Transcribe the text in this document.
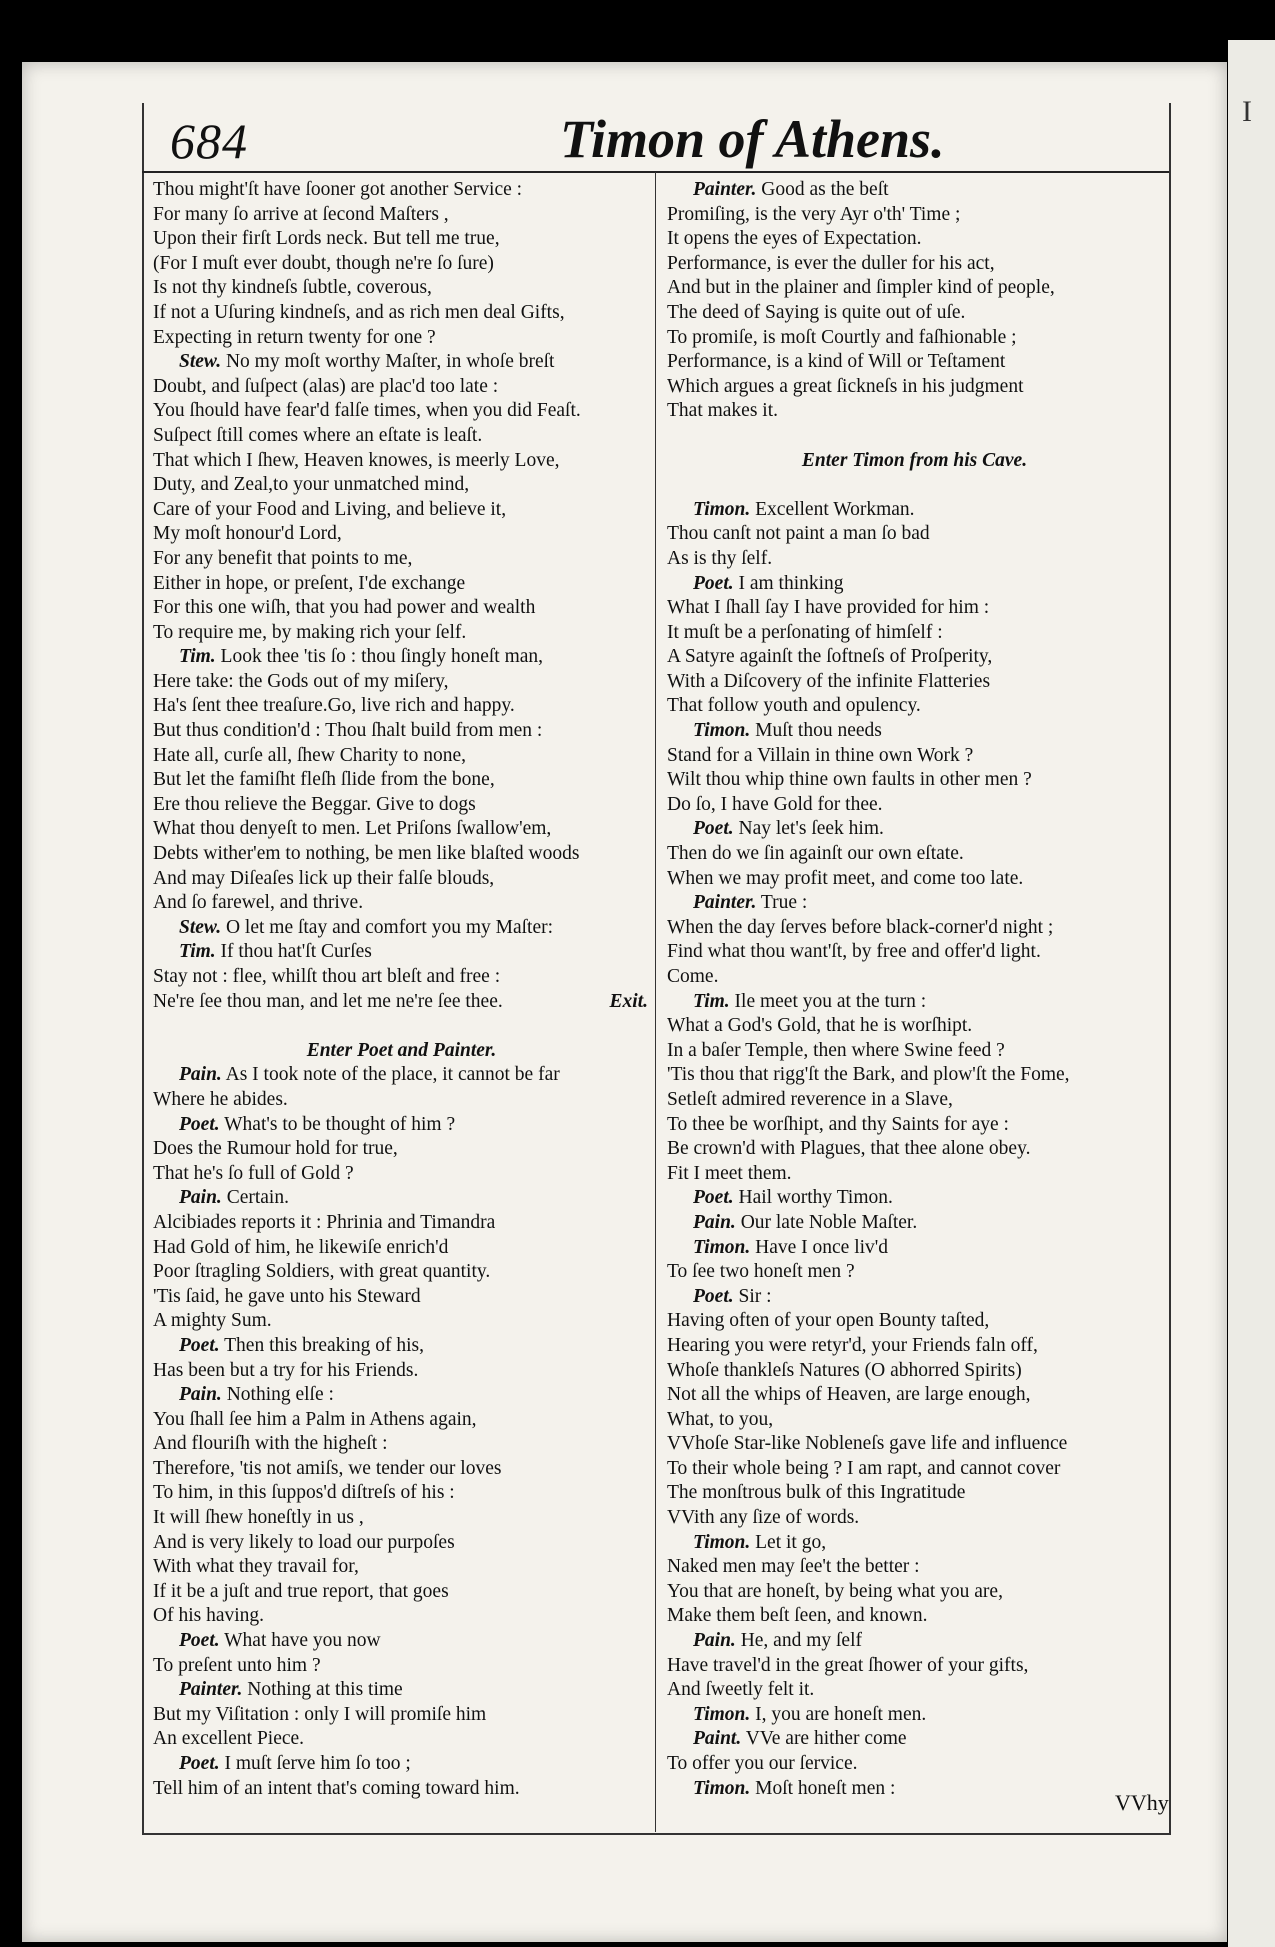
I
684	Timon of Athens.
Thou might'ſt have ſooner got another Service :
For many ſo arrive at ſecond Maſters ,
Upon their firſt Lords neck. But tell me true,
(For I muſt ever doubt, though ne're ſo ſure)
Is not thy kindneſs ſubtle, coverous,
If not a Uſuring kindneſs, and as rich men deal Gifts,
Expecting in return twenty for one ?
Stew. No my moſt worthy Maſter, in whoſe breſt
Doubt, and ſuſpect (alas) are plac'd too late :
You ſhould have fear'd falſe times, when you did Feaſt.
Suſpect ſtill comes where an eſtate is leaſt.
That which I ſhew, Heaven knowes, is meerly Love,
Duty, and Zeal,to your unmatched mind,
Care of your Food and Living, and believe it,
My moſt honour'd Lord,
For any benefit that points to me,
Either in hope, or preſent, I'de exchange
For this one wiſh, that you had power and wealth
To require me, by making rich your ſelf.
Tim. Look thee 'tis ſo : thou ſingly honeſt man,
Here take: the Gods out of my miſery,
Ha's ſent thee treaſure.Go, live rich and happy.
But thus condition'd : Thou ſhalt build from men :
Hate all, curſe all, ſhew Charity to none,
But let the famiſht fleſh ſlide from the bone,
Ere thou relieve the Beggar. Give to dogs
What thou denyeſt to men. Let Priſons ſwallow'em,
Debts wither'em to nothing, be men like blaſted woods
And may Diſeaſes lick up their falſe blouds,
And ſo farewel, and thrive.
Stew. O let me ſtay and comfort you my Maſter:
Tim. If thou hat'ſt Curſes
Stay not : flee, whilſt thou art bleſt and free :
Ne're ſee thou man, and let me ne're ſee thee.	Exit.
Enter Poet and Painter.
Pain. As I took note of the place, it cannot be far
Where he abides.
Poet. What's to be thought of him ?
Does the Rumour hold for true,
That he's ſo full of Gold ?
Pain. Certain.
Alcibiades reports it : Phrinia and Timandra
Had Gold of him, he likewiſe enrich'd
Poor ſtragling Soldiers, with great quantity.
'Tis ſaid, he gave unto his Steward
A mighty Sum.
Poet. Then this breaking of his,
Has been but a try for his Friends.
Pain. Nothing elſe :
You ſhall ſee him a Palm in Athens again,
And flouriſh with the higheſt :
Therefore, 'tis not amiſs, we tender our loves
To him, in this ſuppos'd diſtreſs of his :
It will ſhew honeſtly in us ,
And is very likely to load our purpoſes
With what they travail for,
If it be a juſt and true report, that goes
Of his having.
Poet. What have you now
To preſent unto him ?
Painter. Nothing at this time
But my Viſitation : only I will promiſe him
An excellent Piece.
Poet. I muſt ſerve him ſo too ;
Tell him of an intent that's coming toward him.
Painter. Good as the beſt
Promiſing, is the very Ayr o'th' Time ;
It opens the eyes of Expectation.
Performance, is ever the duller for his act,
And but in the plainer and ſimpler kind of people,
The deed of Saying is quite out of uſe.
To promiſe, is moſt Courtly and faſhionable ;
Performance, is a kind of Will or Teſtament
Which argues a great ſickneſs in his judgment
That makes it.
Enter Timon from his Cave.
Timon. Excellent Workman.
Thou canſt not paint a man ſo bad
As is thy ſelf.
Poet. I am thinking
What I ſhall ſay I have provided for him :
It muſt be a perſonating of himſelf :
A Satyre againſt the ſoftneſs of Proſperity,
With a Diſcovery of the infinite Flatteries
That follow youth and opulency.
Timon. Muſt thou needs
Stand for a Villain in thine own Work ?
Wilt thou whip thine own faults in other men ?
Do ſo, I have Gold for thee.
Poet. Nay let's ſeek him.
Then do we ſin againſt our own eſtate.
When we may profit meet, and come too late.
Painter. True :
When the day ſerves before black-corner'd night ;
Find what thou want'ſt, by free and offer'd light.
Come.
Tim. Ile meet you at the turn :
What a God's Gold, that he is worſhipt.
In a baſer Temple, then where Swine feed ?
'Tis thou that rigg'ſt the Bark, and plow'ſt the Fome,
Setleſt admired reverence in a Slave,
To thee be worſhipt, and thy Saints for aye :
Be crown'd with Plagues, that thee alone obey.
Fit I meet them.
Poet. Hail worthy Timon.
Pain. Our late Noble Maſter.
Timon. Have I once liv'd
To ſee two honeſt men ?
Poet. Sir :
Having often of your open Bounty taſted,
Hearing you were retyr'd, your Friends faln off,
Whoſe thankleſs Natures (O abhorred Spirits)
Not all the whips of Heaven, are large enough,
What, to you,
VVhoſe Star-like Nobleneſs gave life and influence
To their whole being ? I am rapt, and cannot cover
The monſtrous bulk of this Ingratitude
VVith any ſize of words.
Timon. Let it go,
Naked men may ſee't the better :
You that are honeſt, by being what you are,
Make them beſt ſeen, and known.
Pain. He, and my ſelf
Have travel'd in the great ſhower of your gifts,
And ſweetly felt it.
Timon. I, you are honeſt men.
Paint. VVe are hither come
To offer you our ſervice.
Timon. Moſt honeſt men :
VVhy
